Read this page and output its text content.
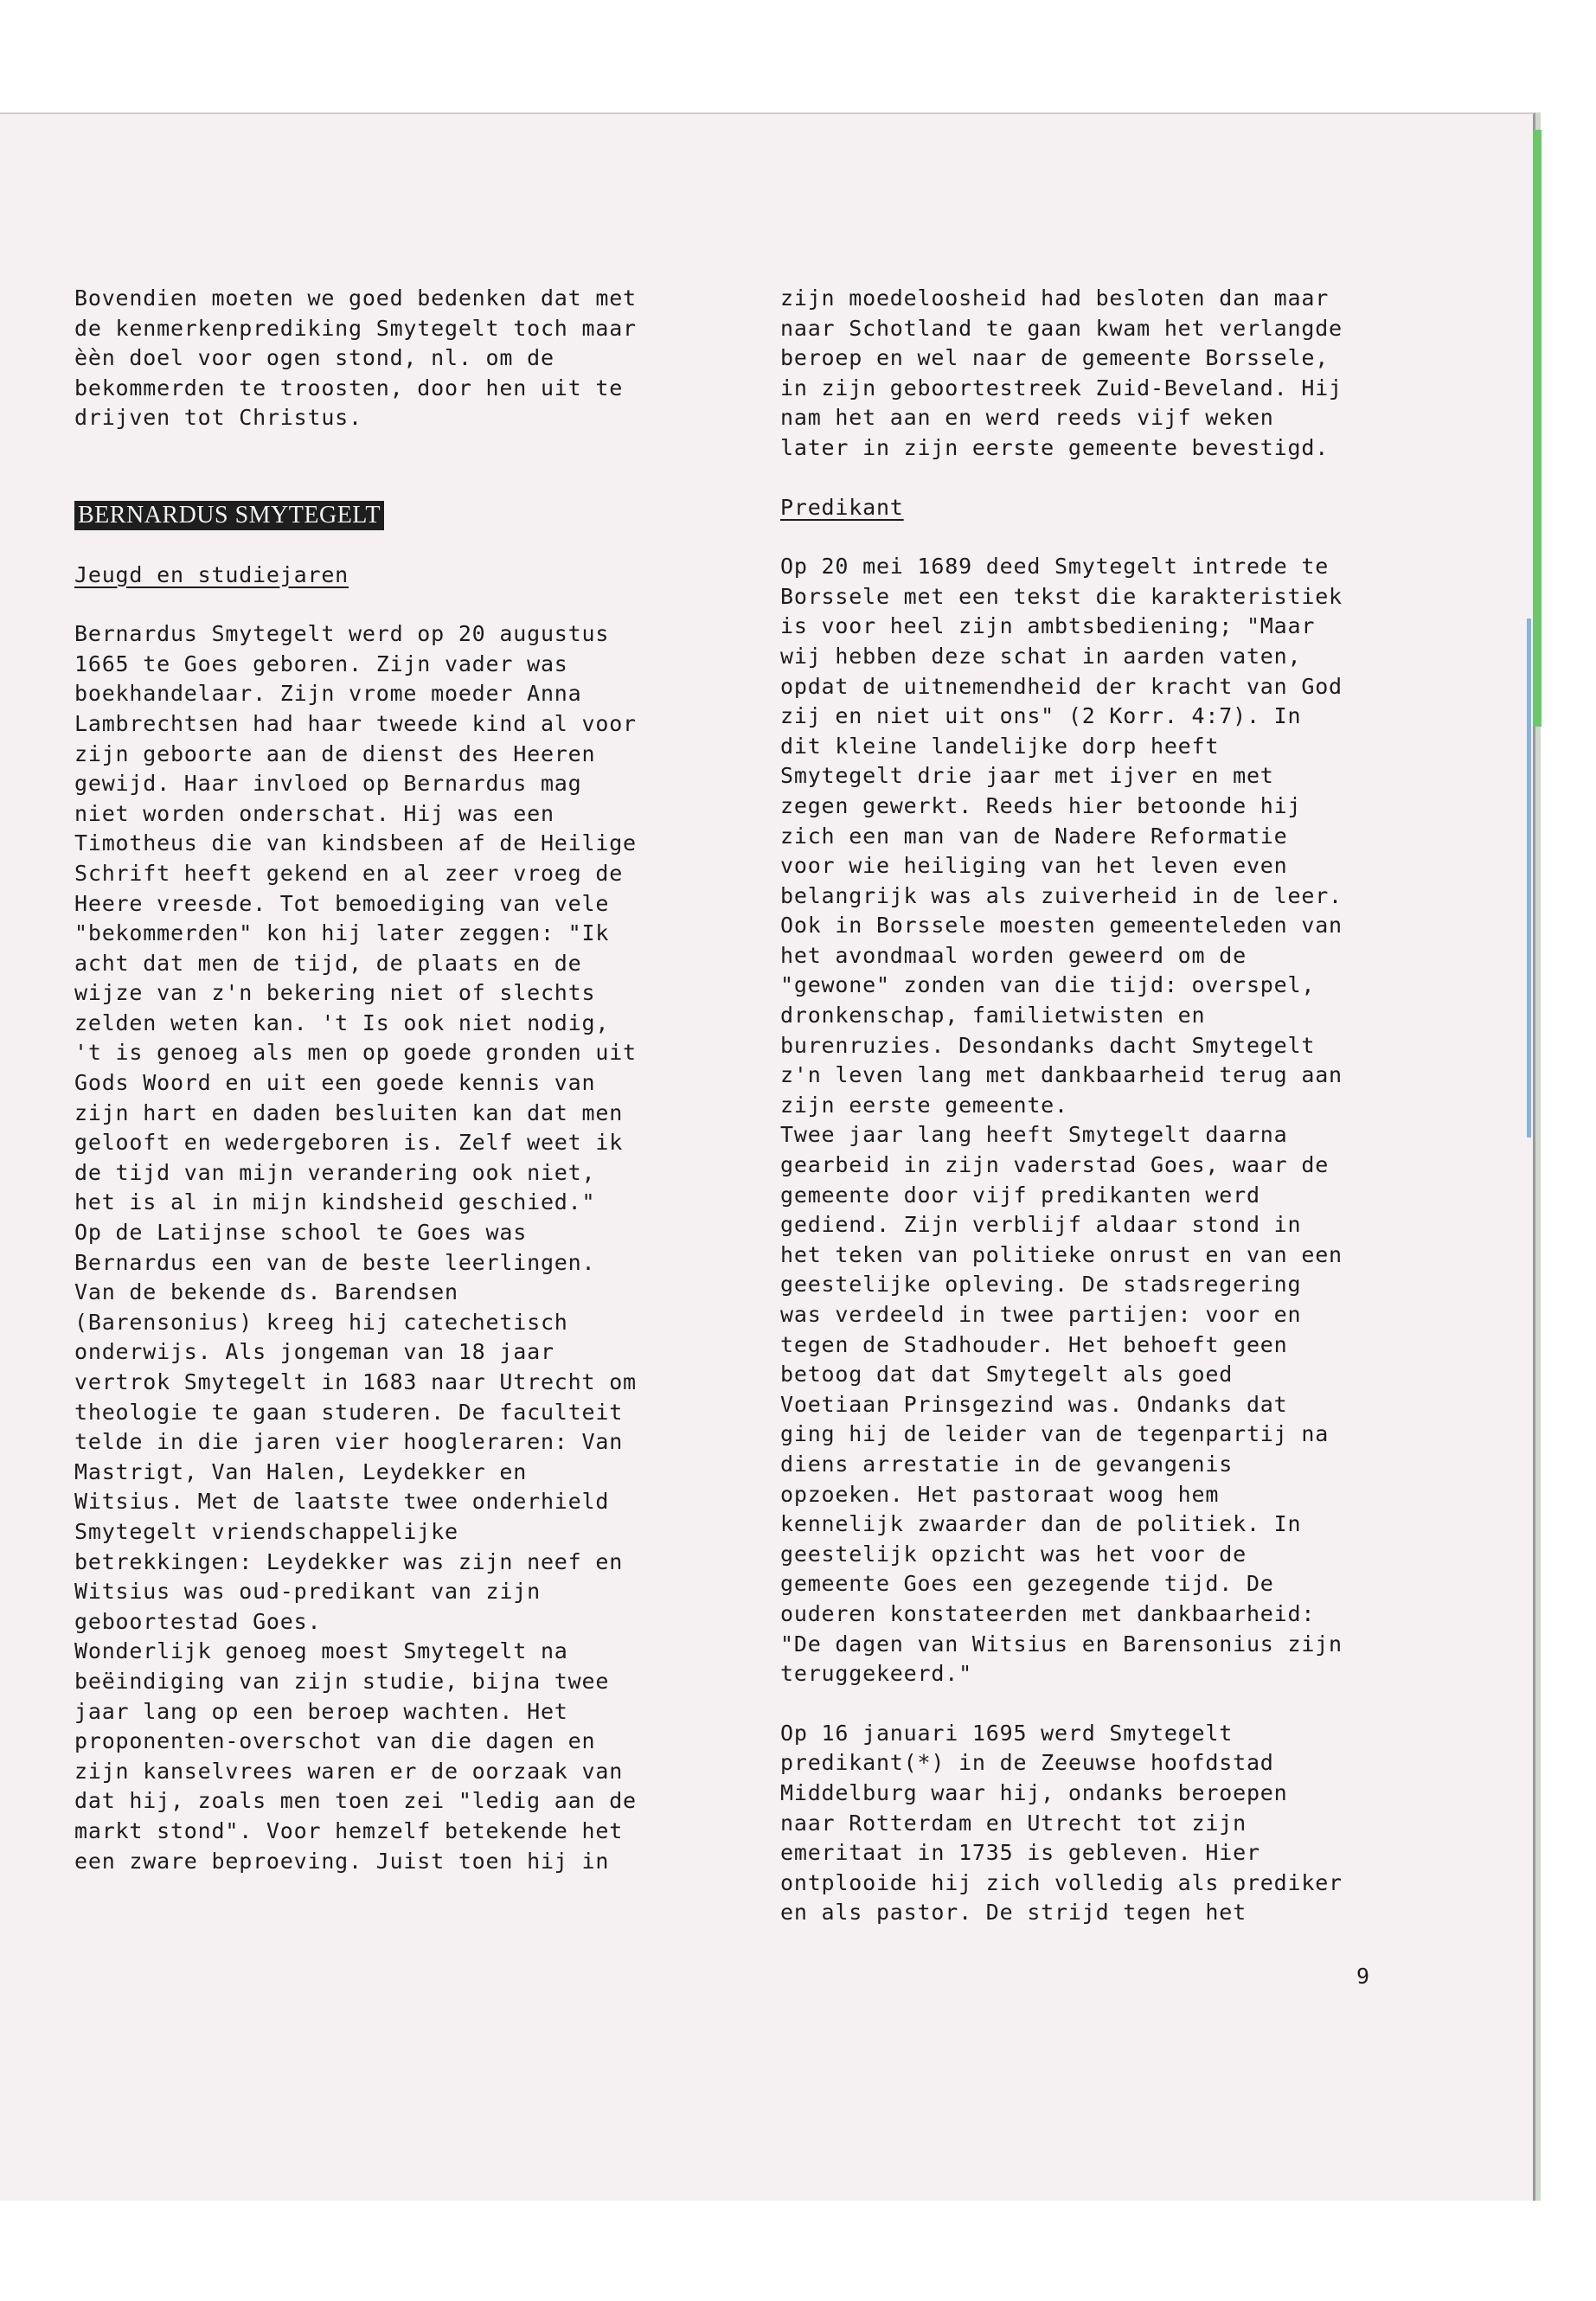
Bovendien moeten we goed bedenken dat met
de kenmerkenprediking Smytegelt toch maar
èèn doel voor ogen stond, nl. om de
bekommerden te troosten, door hen uit te
drijven tot Christus.

BERNARDUS SMYTEGELT

Jeugd en studiejaren

Bernardus Smytegelt werd op 20 augustus
1665 te Goes geboren. Zijn vader was
boekhandelaar. Zijn vrome moeder Anna
Lambrechtsen had haar tweede kind al voor
zijn geboorte aan de dienst des Heeren
gewijd. Haar invloed op Bernardus mag
niet worden onderschat. Hij was een
Timotheus die van kindsbeen af de Heilige
Schrift heeft gekend en al zeer vroeg de
Heere vreesde. Tot bemoediging van vele
"bekommerden" kon hij later zeggen: "Ik
acht dat men de tijd, de plaats en de
wijze van z'n bekering niet of slechts
zelden weten kan. 't Is ook niet nodig,
't is genoeg als men op goede gronden uit
Gods Woord en uit een goede kennis van
zijn hart en daden besluiten kan dat men
gelooft en wedergeboren is. Zelf weet ik
de tijd van mijn verandering ook niet,
het is al in mijn kindsheid geschied."
Op de Latijnse school te Goes was
Bernardus een van de beste leerlingen.
Van de bekende ds. Barendsen
(Barensonius) kreeg hij catechetisch
onderwijs. Als jongeman van 18 jaar
vertrok Smytegelt in 1683 naar Utrecht om
theologie te gaan studeren. De faculteit
telde in die jaren vier hoogleraren: Van
Mastrigt, Van Halen, Leydekker en
Witsius. Met de laatste twee onderhield
Smytegelt vriendschappelijke
betrekkingen: Leydekker was zijn neef en
Witsius was oud-predikant van zijn
geboortestad Goes.
Wonderlijk genoeg moest Smytegelt na
beëindiging van zijn studie, bijna twee
jaar lang op een beroep wachten. Het
proponenten-overschot van die dagen en
zijn kanselvrees waren er de oorzaak van
dat hij, zoals men toen zei "ledig aan de
markt stond". Voor hemzelf betekende het
een zware beproeving. Juist toen hij in

zijn moedeloosheid had besloten dan maar
naar Schotland te gaan kwam het verlangde
beroep en wel naar de gemeente Borssele,
in zijn geboortestreek Zuid-Beveland. Hij
nam het aan en werd reeds vijf weken
later in zijn eerste gemeente bevestigd.

Predikant

Op 20 mei 1689 deed Smytegelt intrede te
Borssele met een tekst die karakteristiek
is voor heel zijn ambtsbediening; "Maar
wij hebben deze schat in aarden vaten,
opdat de uitnemendheid der kracht van God
zij en niet uit ons" (2 Korr. 4:7). In
dit kleine landelijke dorp heeft
Smytegelt drie jaar met ijver en met
zegen gewerkt. Reeds hier betoonde hij
zich een man van de Nadere Reformatie
voor wie heiliging van het leven even
belangrijk was als zuiverheid in de leer.
Ook in Borssele moesten gemeenteleden van
het avondmaal worden geweerd om de
"gewone" zonden van die tijd: overspel,
dronkenschap, familietwisten en
burenruzies. Desondanks dacht Smytegelt
z'n leven lang met dankbaarheid terug aan
zijn eerste gemeente.
Twee jaar lang heeft Smytegelt daarna
gearbeid in zijn vaderstad Goes, waar de
gemeente door vijf predikanten werd
gediend. Zijn verblijf aldaar stond in
het teken van politieke onrust en van een
geestelijke opleving. De stadsregering
was verdeeld in twee partijen: voor en
tegen de Stadhouder. Het behoeft geen
betoog dat dat Smytegelt als goed
Voetiaan Prinsgezind was. Ondanks dat
ging hij de leider van de tegenpartij na
diens arrestatie in de gevangenis
opzoeken. Het pastoraat woog hem
kennelijk zwaarder dan de politiek. In
geestelijk opzicht was het voor de
gemeente Goes een gezegende tijd. De
ouderen konstateerden met dankbaarheid:
"De dagen van Witsius en Barensonius zijn
teruggekeerd."

Op 16 januari 1695 werd Smytegelt
predikant(*) in de Zeeuwse hoofdstad
Middelburg waar hij, ondanks beroepen
naar Rotterdam en Utrecht tot zijn
emeritaat in 1735 is gebleven. Hier
ontplooide hij zich volledig als prediker
en als pastor. De strijd tegen het

9
